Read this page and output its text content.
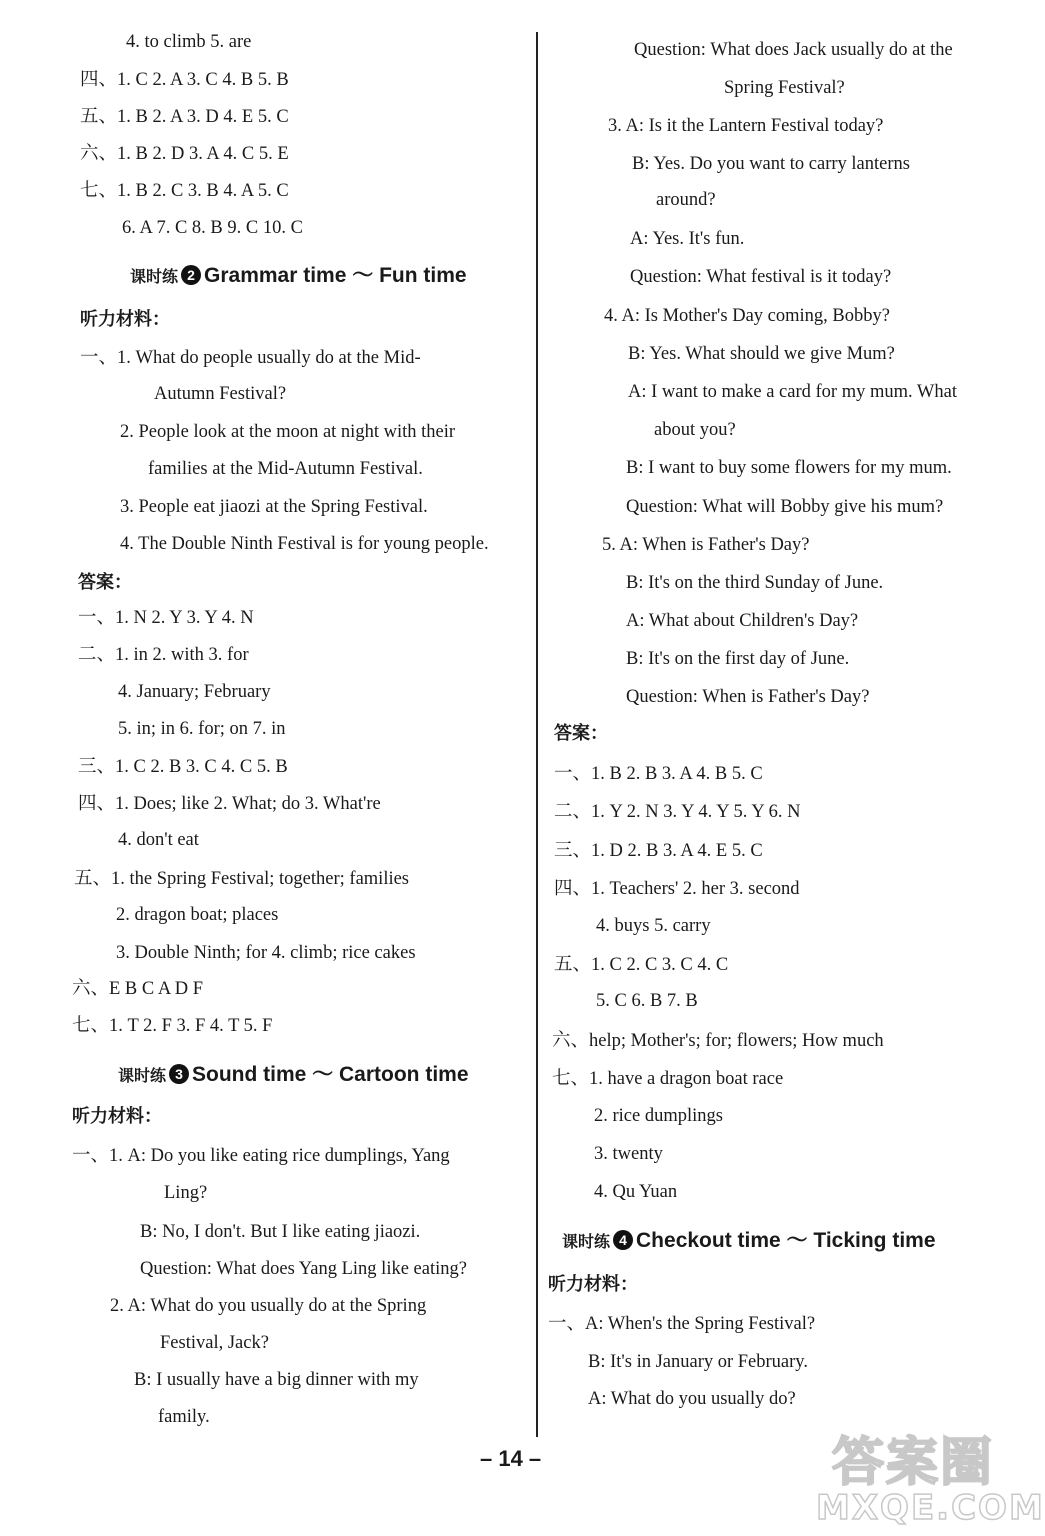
4. to climb 5. are
四、1. C 2. A 3. C 4. B 5. B
五、1. B 2. A 3. D 4. E 5. C
六、1. B 2. D 3. A 4. C 5. E
七、1. B 2. C 3. B 4. A 5. C
6. A 7. C 8. B 9. C 10. C
课时练 2 Grammar time ～ Fun time
听力材料：
一、1. What do people usually do at the Mid-
Autumn Festival?
2. People look at the moon at night with their
families at the Mid-Autumn Festival.
3. People eat jiaozi at the Spring Festival.
4. The Double Ninth Festival is for young people.
答案：
一、1. N 2. Y 3. Y 4. N
二、1. in 2. with 3. for
4. January; February
5. in; in 6. for; on 7. in
三、1. C 2. B 3. C 4. C 5. B
四、1. Does; like 2. What; do 3. What're
4. don't eat
五、1. the Spring Festival; together; families
2. dragon boat; places
3. Double Ninth; for 4. climb; rice cakes
六、E B C A D F
七、1. T 2. F 3. F 4. T 5. F
课时练 3 Sound time ～ Cartoon time
听力材料：
一、1. A: Do you like eating rice dumplings, Yang
Ling?
B: No, I don't. But I like eating jiaozi.
Question: What does Yang Ling like eating?
2. A: What do you usually do at the Spring
Festival, Jack?
B: I usually have a big dinner with my
family.
Question: What does Jack usually do at the
Spring Festival?
3. A: Is it the Lantern Festival today?
B: Yes. Do you want to carry lanterns
around?
A: Yes. It's fun.
Question: What festival is it today?
4. A: Is Mother's Day coming, Bobby?
B: Yes. What should we give Mum?
A: I want to make a card for my mum. What
about you?
B: I want to buy some flowers for my mum.
Question: What will Bobby give his mum?
5. A: When is Father's Day?
B: It's on the third Sunday of June.
A: What about Children's Day?
B: It's on the first day of June.
Question: When is Father's Day?
答案：
一、1. B 2. B 3. A 4. B 5. C
二、1. Y 2. N 3. Y 4. Y 5. Y 6. N
三、1. D 2. B 3. A 4. E 5. C
四、1. Teachers' 2. her 3. second
4. buys 5. carry
五、1. C 2. C 3. C 4. C
5. C 6. B 7. B
六、help; Mother's; for; flowers; How much
七、1. have a dragon boat race
2. rice dumplings
3. twenty
4. Qu Yuan
课时练 4 Checkout time ～ Ticking time
听力材料：
一、A: When's the Spring Festival?
B: It's in January or February.
A: What do you usually do?
– 14 –	答案圈
MXQE.COM
